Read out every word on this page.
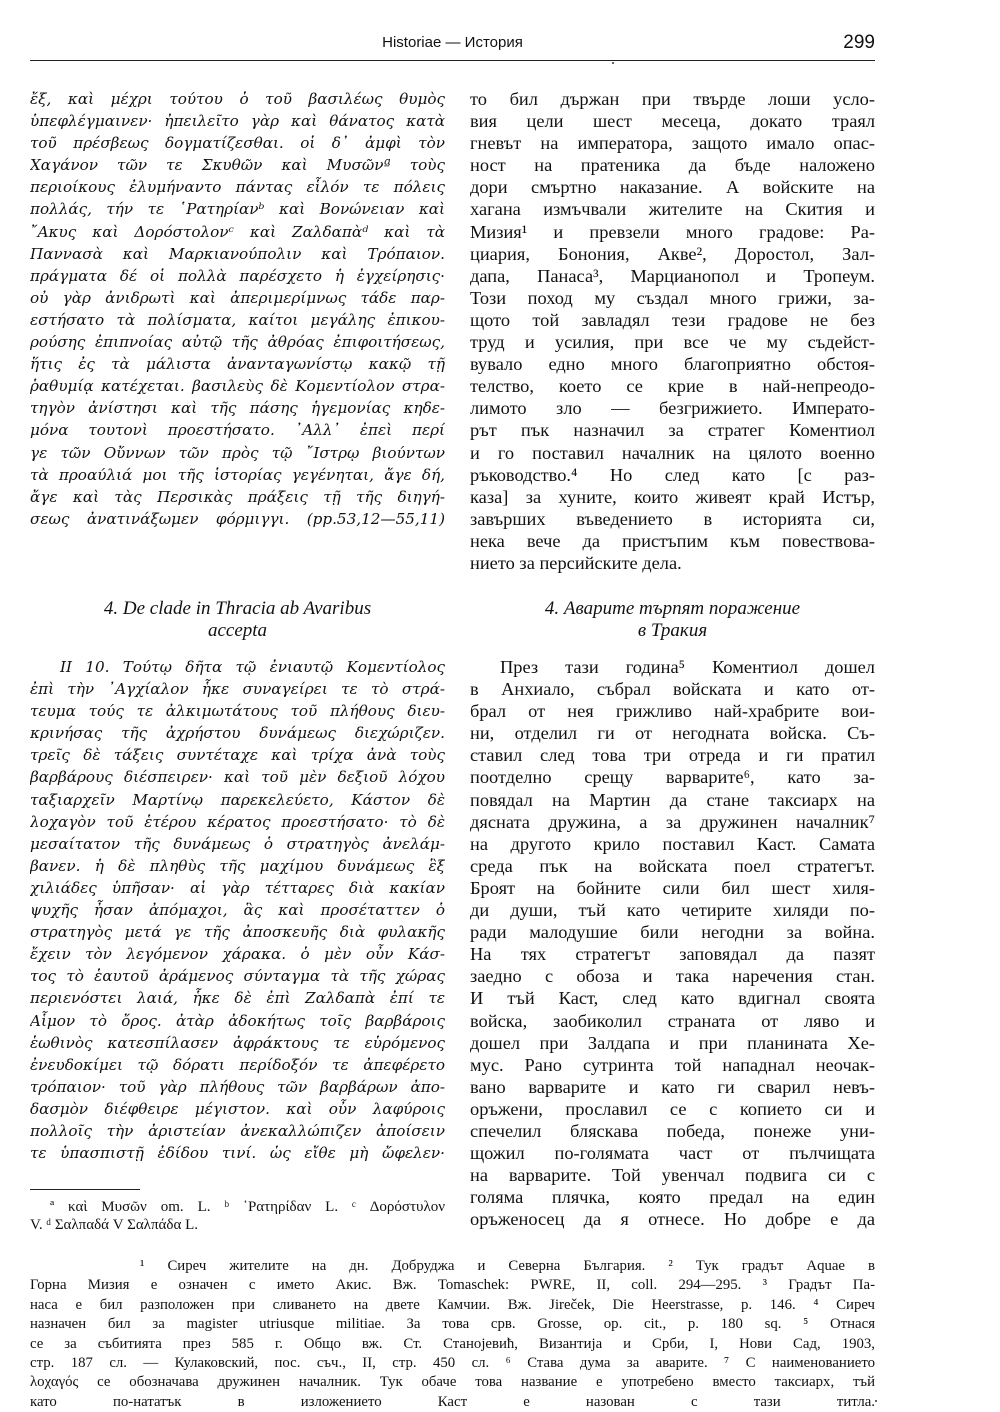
Historiae — История	299
ἔξ, καὶ μέχρι τούτου ὁ τοῦ βασιλέως θυμὸς
ὑπεφλέγμαινεν· ἠπειλεῖτο γὰρ καὶ θάνατος κατὰ
τοῦ πρέσβεως δογματίζεσθαι. οἱ δ᾽ ἀμφὶ τὸν
Χαγάνον τῶν τε Σκυθῶν καὶ Μυσῶνª τοὺς
περιοίκους ἐλυμήναντο πάντας εἷλόν τε πόλεις
πολλάς, τήν τε ῾Ρατηρίανᵇ καὶ Βονώνειαν καὶ
῎Ακυς καὶ Δορόστολονᶜ καὶ Ζαλδαπὰᵈ καὶ τὰ
Παννασὰ καὶ Μαρκιανούπολιν καὶ Τρόπαιον.
πράγματα δέ οἱ πολλὰ παρέσχετο ἡ ἐγχείρησις·
οὐ γὰρ ἀνιδρωτὶ καὶ ἀπεριμερίμνως τάδε παρ-
εστήσατο τὰ πολίσματα, καίτοι μεγάλης ἐπικου-
ρούσης ἐπιπνοίας αὐτῷ τῆς ἀθρόας ἐπιφοιτήσεως,
ἥτις ἐς τὰ μάλιστα ἀνανταγωνίστῳ κακῷ τῇ
ῥαθυμίᾳ κατέχεται. βασιλεὺς δὲ Κομεντίολον στρα-
τηγὸν ἀνίστησι καὶ τῆς πάσης ἡγεμονίας κηδε-
μόνα τουτονὶ προεστήσατο. ᾽Αλλ᾽ ἐπεὶ περί
γε τῶν Οὔννων τῶν πρὸς τῷ ῎Ιστρῳ βιούντων
τὰ προαύλιά μοι τῆς ἱστορίας γεγένηται, ἄγε δή,
ἄγε καὶ τὰς Περσικὰς πράξεις τῇ τῆς διηγή-
σεως ἀνατινάξωμεν φόρμιγγι. (pp.53,12—55,11)
то бил държан при твърде лоши усло-
вия цели шест месеца, докато траял
гневът на императора, защото имало опас-
ност на пратеника да бъде наложено
дори смъртно наказание. А войските на
хагана измъчвали жителите на Скития и
Мизия¹ и превзели много градове: Ра-
циария, Бонония, Акве², Доростол, Зал-
дапа, Панаса³, Марцианопол и Тропеум.
Този поход му създал много грижи, за-
щото той завладял тези градове не без
труд и усилия, при все че му съдейст-
вувало едно много благоприятно обстоя-
телство, което се крие в най-непреодо-
лимото зло — безгрижието. Императо-
рът пък назначил за стратег Коментиол
и го поставил началник на цялото военно
ръководство.⁴ Но след като [с раз-
каза] за хуните, които живеят край Истър,
завърших въведението в историята си,
нека вече да пристъпим към повествова-
нието за персийските дела.
4. De clade in Thracia ab Avaribus
accepta
4. Аварите търпят поражение
в Тракия
II 10. Τούτῳ δῆτα τῷ ἐνιαυτῷ Κομεντίολος
ἐπὶ τὴν ᾽Αγχίαλον ἧκε συναγείρει τε τὸ στρά-
τευμα τούς τε ἀλκιμωτάτους τοῦ πλήθους διευ-
κρινήσας τῆς ἀχρήστου δυνάμεως διεχώριζεν.
τρεῖς δὲ τάξεις συντέταχε καὶ τρίχα ἀνὰ τοὺς
βαρβάρους διέσπειρεν· καὶ τοῦ μὲν δεξιοῦ λόχου
ταξιαρχεῖν Μαρτίνῳ παρεκελεύετο, Κάστον δὲ
λοχαγὸν τοῦ ἑτέρου κέρατος προεστήσατο· τὸ δὲ
μεσαίτατον τῆς δυνάμεως ὁ στρατηγὸς ἀνελάμ-
βανεν. ἡ δὲ πληθὺς τῆς μαχίμου δυνάμεως ἓξ
χιλιάδες ὑπῆσαν· αἱ γὰρ τέτταρες διὰ κακίαν
ψυχῆς ἦσαν ἀπόμαχοι, ἃς καὶ προσέταττεν ὁ
στρατηγὸς μετά γε τῆς ἀποσκευῆς διὰ φυλακῆς
ἔχειν τὸν λεγόμενον χάρακα. ὁ μὲν οὖν Κάσ-
τος τὸ ἑαυτοῦ ἀράμενος σύνταγμα τὰ τῆς χώρας
περιενόστει λαιά, ἧκε δὲ ἐπὶ Ζαλδαπὰ ἐπί τε
Αἷμον τὸ ὄρος. ἀτὰρ ἀδοκήτως τοῖς βαρβάροις
ἑωθινὸς κατεσπίλασεν ἀφράκτους τε εὑρόμενος
ἐνευδοκίμει τῷ δόρατι περίδοξόν τε ἀπεφέρετο
τρόπαιον· τοῦ γὰρ πλήθους τῶν βαρβάρων ἀπο-
δασμὸν διέφθειρε μέγιστον. καὶ οὖν λαφύροις
πολλοῖς τὴν ἀριστείαν ἀνεκαλλώπιζεν ἀποίσειν
τε ὑπασπιστῇ ἐδίδου τινί. ὡς εἴθε μὴ ὤφελεν·
През тази година⁵ Коментиол дошел
в Анхиало, събрал войската и като от-
брал от нея грижливо най-храбрите вои-
ни, отделил ги от негодната войска. Съ-
ставил след това три отреда и ги пратил
поотделно срещу варварите⁶, като за-
повядал на Мартин да стане таксиарх на
дясната дружина, а за дружинен началник⁷
на другото крило поставил Каст. Самата
среда пък на войската поел стратегът.
Броят на бойните сили бил шест хиля-
ди души, тъй като четирите хиляди по-
ради малодушие били негодни за война.
На тях стратегът заповядал да пазят
заедно с обоза и така наречения стан.
И тъй Каст, след като вдигнал своята
войска, заобиколил страната от ляво и
дошел при Залдапа и при планината Хе-
мус. Рано сутринта той нападнал неочак-
вано варварите и като ги сварил невъ-
оръжени, прославил се с копието си и
спечелил бляскава победа, понеже уни-
щожил по-голямата част от пълчищата
на варварите. Той увенчал подвига си с
голяма плячка, която предал на един
оръженосец да я отнесе. Но добре е да
ª καὶ Μυσῶν om. L. ᵇ ῾Ρατηρίδαν L. ᶜ Δορόστυλον
V. ᵈ Σαλπαδά V Σαλπάδα L.
¹ Сиреч жителите на дн. Добруджа и Северна България. ² Тук градът Aquae в
Горна Мизия е означен с името Акис. Вж. Tomaschek: PWRE, II, coll. 294—295. ³ Градът Па-
наса е бил разположен при сливането на двете Камчии. Вж. Jireček, Die Heerstrasse, p. 146. ⁴ Сиреч
назначен бил за magister utriusque militiae. За това срв. Grosse, op. cit., p. 180 sq. ⁵ Отнася
се за събитията през 585 г. Общо вж. Ст. Станојевић, Византија и Срби, I, Нови Сад, 1903,
стр. 187 сл. — Кулаковский, пос. съч., II, стр. 450 сл. ⁶ Става дума за аварите. ⁷ С наименованието
λοχαγός се обозначава дружинен началник. Тук обаче това название е употребено вместо таксиарх, тъй
като по-нататък в изложението Каст е назован с тази титла.
